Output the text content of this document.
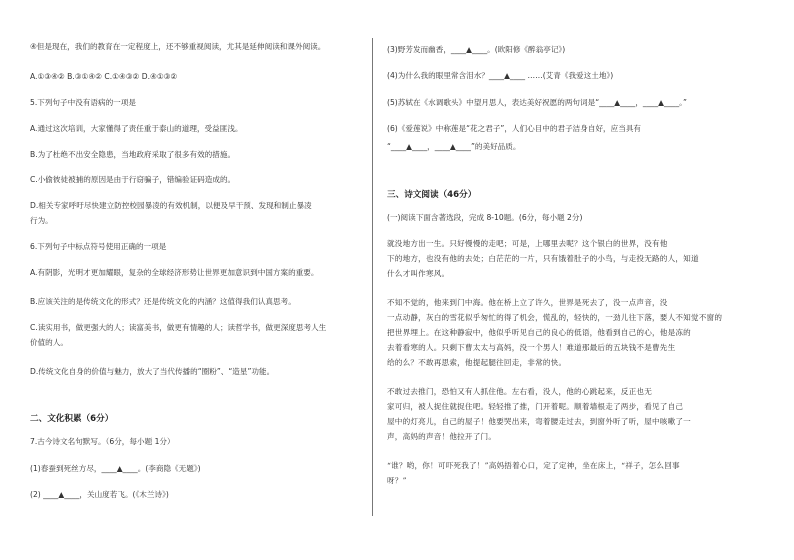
④但是现在，我们的教育在一定程度上，还不够重视阅读，尤其是延伸阅读和课外阅读。
A.①③④② B.③①④② C.①④③② D.④①③②
5.下列句子中没有语病的一项是
A.通过这次培训，大家懂得了责任重于泰山的道理，受益匪浅。
B.为了杜绝不出安全隐患，当地政府采取了很多有效的措施。
C.小偷彼徒被捕的原因是由于行窃骗子，错编验证码造成的。
D.相关专家呼吁尽快建立防控校园暴凌的有效机制，以便及早干预、发现和制止暴凌
行为。
6.下列句子中标点符号使用正确的一项是
A.有阴影，光明才更加耀眼，复杂的全球经济形势让世界更加意识到中国方案的重要。
B.应该关注的是传统文化的形式？还是传统文化的内涵？这值得我们认真思考。
C.读实用书，做更强大的人；读富美书，做更有情趣的人；读哲学书，做更深度思考人生
价值的人。
D.传统文化自身的价值与魅力，放大了当代传播的“圈粉”、“造星”功能。
二、文化积累（6分）
7.古今诗文名句默写。（6分，每小题 1分）
(1)春蚕到死丝方尽，____▲____。(李商隐《无题》)
(2) ____▲____，关山度若飞。(《木兰诗》)
(3)野芳发而幽香，____▲____。(欧阳修《醉翁亭记》)
(4)为什么我的眼里常含泪水？____▲____ ……(艾青《我爱这土地》)
(5)苏轼在《水调歌头》中望月思人，表达美好祝愿的两句词是“____▲____，____▲____。”
(6)《爱莲说》中称莲是“花之君子”，人们心目中的君子洁身自好，应当具有
“____▲____，____▲____”的美好品质。
三、诗文阅读（46分）
(一)阅读下面含著选段，完成 8-10题。(6分，每小题 2分)
就没地方出一生。只好慢慢的走吧；可是，上哪里去呢？这个银白的世界，没有他
下的地方，也没有他的去处；白茫茫的一片，只有饿着肚子的小鸟，与走投无路的人，知道
什么才叫作寒风。
不知不觉的，他来到门中海。他在桥上立了许久，世界是死去了，没一点声音，没
一点动静，灰白的雪花似乎匆忙的得了机会，慌乱的，轻快的，一劲儿往下落，要人不知觉不窗的
把世界埋上。在这种静寂中，他似乎听见自己的良心的低语，他看到自己的心，他是冻的
去着看寒的人。只剩下曹太太与高妈，没一个男人！难道那最后的五块钱不是曹先生
给的么？不敢再思索，他提起腿往回走，非常的快。
不敢过去推门，恐怕又有人抓住他。左右看，没人，他的心跳起来，反正也无
家可归，被人捉住就捉住吧。轻轻推了推，门开着呢。顺着墙根走了两步，看见了自己
屋中的灯亮儿，自己的屋子！他要哭出来，弯着腰走过去，到窗外听了听，屋中咳嗽了一
声，高妈的声音！他拉开了门。
“谁？哟，你！可吓死我了！”高妈捂着心口，定了定神，坐在床上，“祥子，怎么回事
呀？”
